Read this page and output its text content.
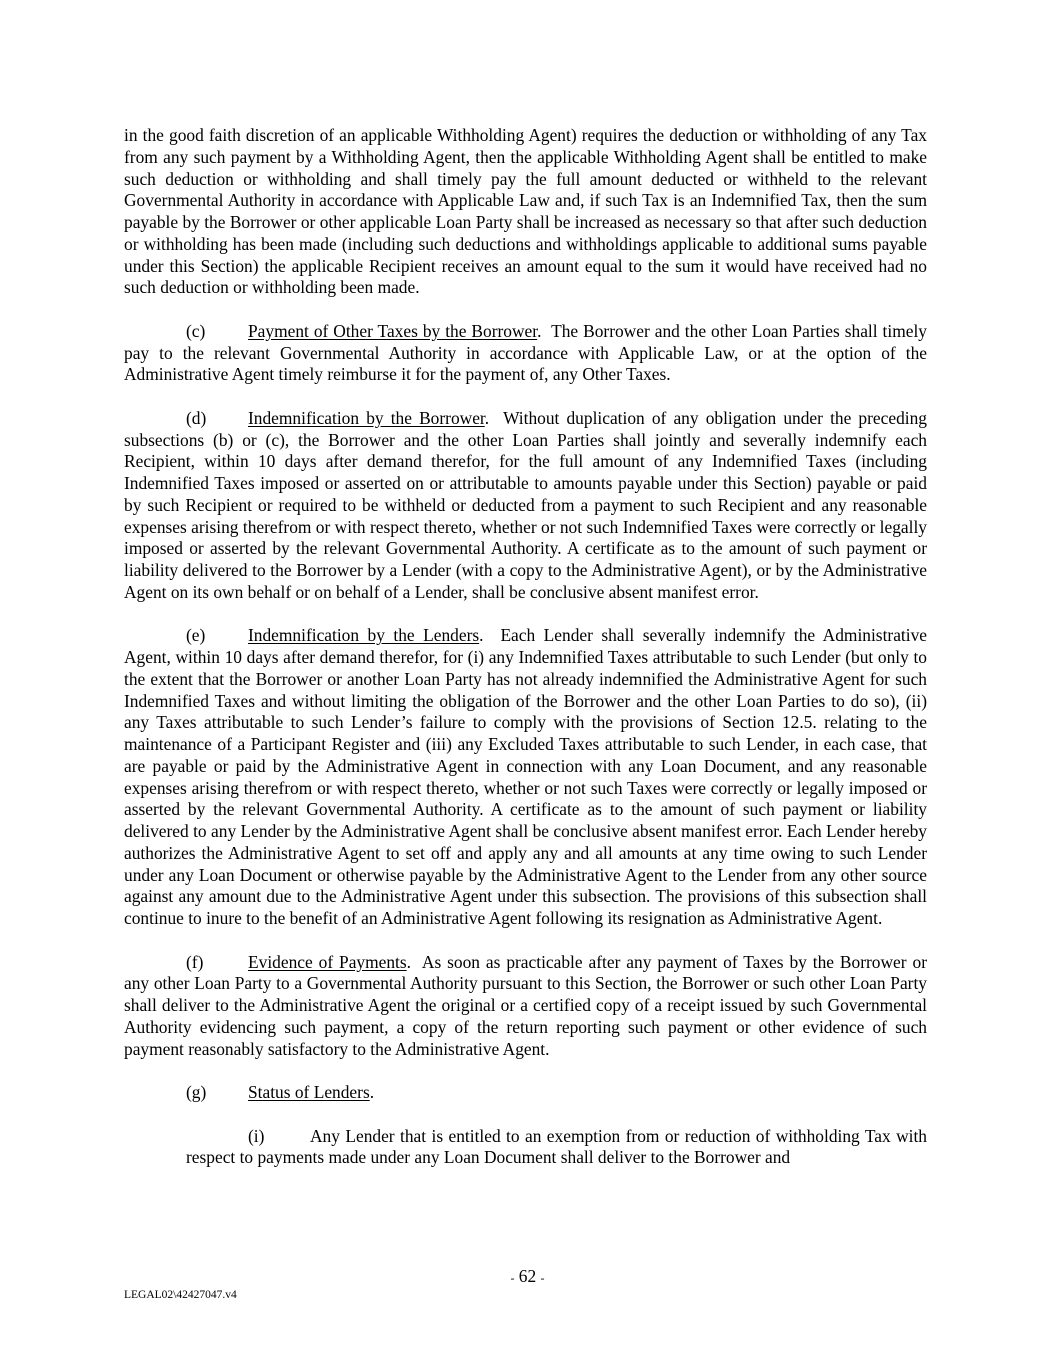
in the good faith discretion of an applicable Withholding Agent) requires the deduction or withholding of any Tax from any such payment by a Withholding Agent, then the applicable Withholding Agent shall be entitled to make such deduction or withholding and shall timely pay the full amount deducted or withheld to the relevant Governmental Authority in accordance with Applicable Law and, if such Tax is an Indemnified Tax, then the sum payable by the Borrower or other applicable Loan Party shall be increased as necessary so that after such deduction or withholding has been made (including such deductions and withholdings applicable to additional sums payable under this Section) the applicable Recipient receives an amount equal to the sum it would have received had no such deduction or withholding been made.

(c) Payment of Other Taxes by the Borrower.  The Borrower and the other Loan Parties shall timely pay to the relevant Governmental Authority in accordance with Applicable Law, or at the option of the Administrative Agent timely reimburse it for the payment of, any Other Taxes.

(d) Indemnification by the Borrower.  Without duplication of any obligation under the preceding subsections (b) or (c), the Borrower and the other Loan Parties shall jointly and severally indemnify each Recipient, within 10 days after demand therefor, for the full amount of any Indemnified Taxes (including Indemnified Taxes imposed or asserted on or attributable to amounts payable under this Section) payable or paid by such Recipient or required to be withheld or deducted from a payment to such Recipient and any reasonable expenses arising therefrom or with respect thereto, whether or not such Indemnified Taxes were correctly or legally imposed or asserted by the relevant Governmental Authority. A certificate as to the amount of such payment or liability delivered to the Borrower by a Lender (with a copy to the Administrative Agent), or by the Administrative Agent on its own behalf or on behalf of a Lender, shall be conclusive absent manifest error.

(e) Indemnification by the Lenders.  Each Lender shall severally indemnify the Administrative Agent, within 10 days after demand therefor, for (i) any Indemnified Taxes attributable to such Lender (but only to the extent that the Borrower or another Loan Party has not already indemnified the Administrative Agent for such Indemnified Taxes and without limiting the obligation of the Borrower and the other Loan Parties to do so), (ii) any Taxes attributable to such Lender’s failure to comply with the provisions of Section 12.5. relating to the maintenance of a Participant Register and (iii) any Excluded Taxes attributable to such Lender, in each case, that are payable or paid by the Administrative Agent in connection with any Loan Document, and any reasonable expenses arising therefrom or with respect thereto, whether or not such Taxes were correctly or legally imposed or asserted by the relevant Governmental Authority. A certificate as to the amount of such payment or liability delivered to any Lender by the Administrative Agent shall be conclusive absent manifest error. Each Lender hereby authorizes the Administrative Agent to set off and apply any and all amounts at any time owing to such Lender under any Loan Document or otherwise payable by the Administrative Agent to the Lender from any other source against any amount due to the Administrative Agent under this subsection. The provisions of this subsection shall continue to inure to the benefit of an Administrative Agent following its resignation as Administrative Agent.

(f)	Evidence of Payments.  As soon as practicable after any payment of Taxes by the Borrower or any other Loan Party to a Governmental Authority pursuant to this Section, the Borrower or such other Loan Party shall deliver to the Administrative Agent the original or a certified copy of a receipt issued by such Governmental Authority evidencing such payment, a copy of the return reporting such payment or other evidence of such payment reasonably satisfactory to the Administrative Agent.

(g) Status of Lenders.

(i)	Any Lender that is entitled to an exemption from or reduction of withholding Tax with respect to payments made under any Loan Document shall deliver to the Borrower and

- 62 -
LEGAL02\42427047.v4
